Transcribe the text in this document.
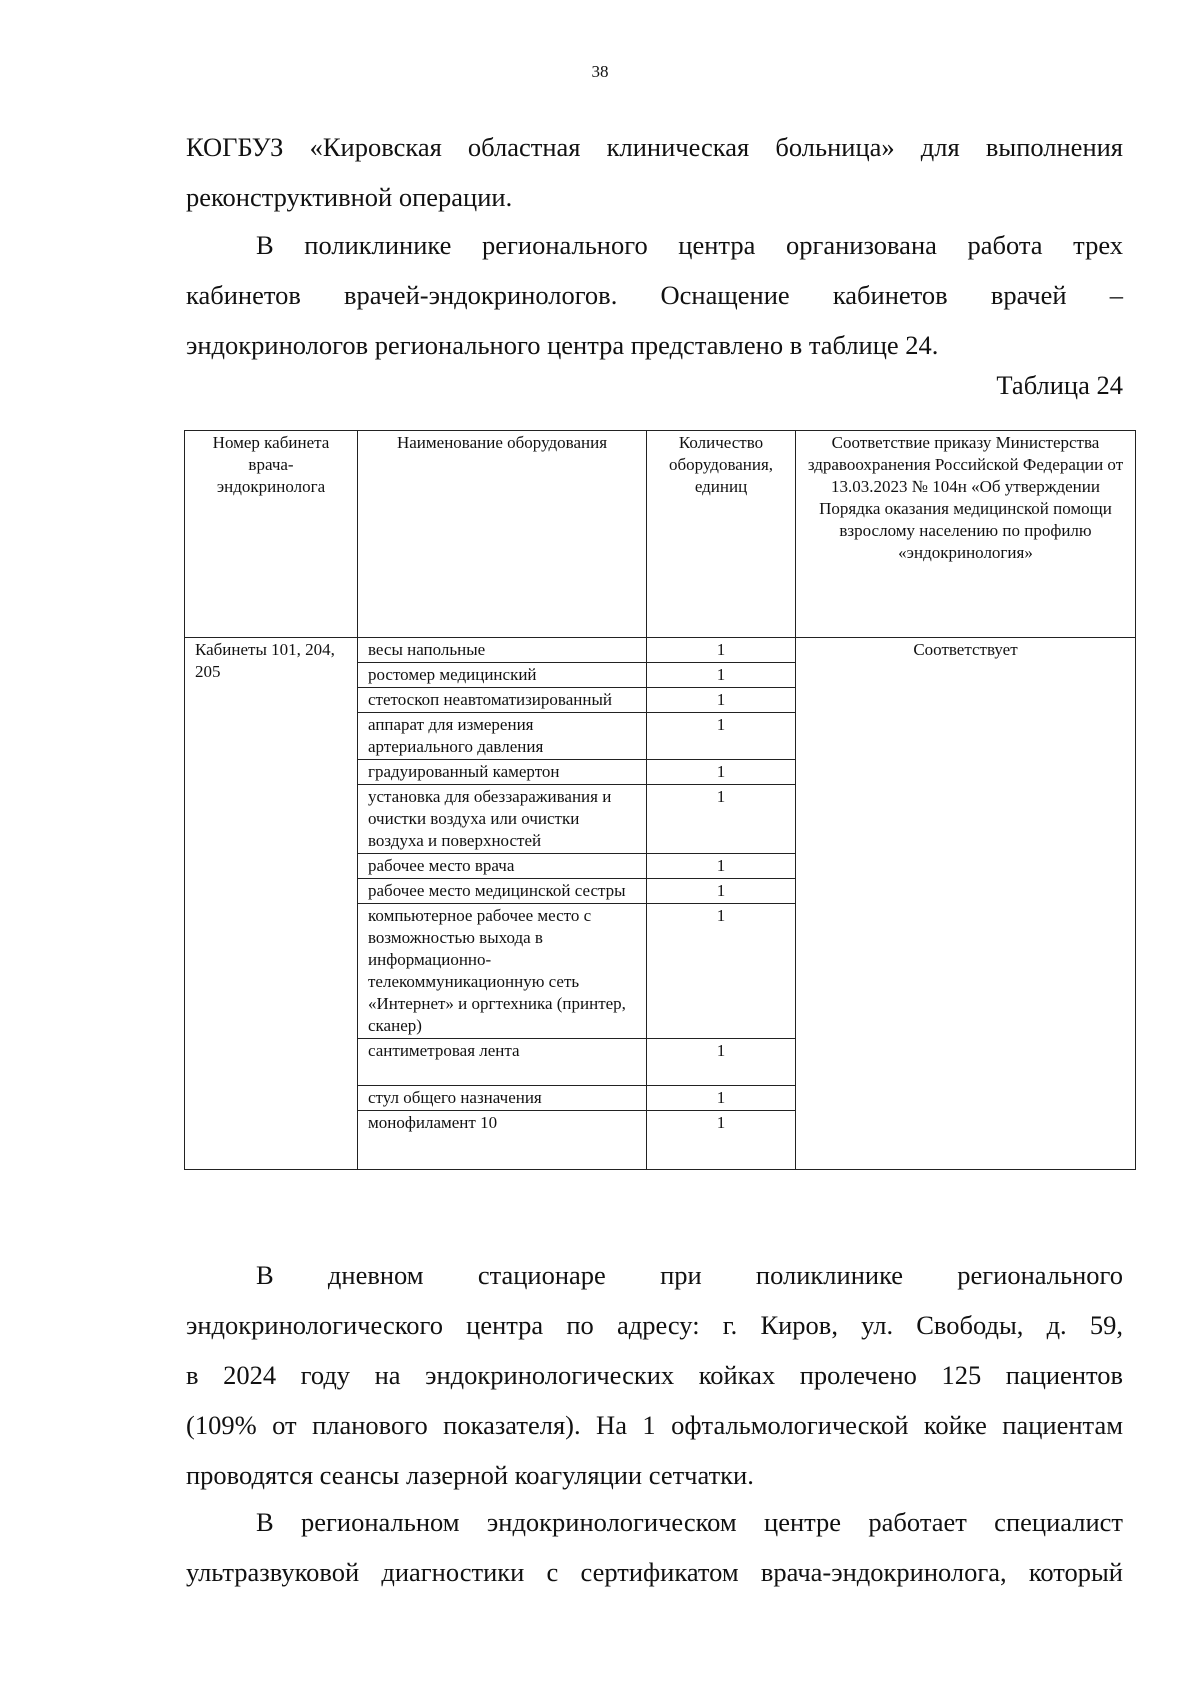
38
КОГБУЗ «Кировская областная клиническая больница» для выполнения
реконструктивной операции.
В поликлинике регионального центра организована работа трех
кабинетов врачей-эндокринологов. Оснащение кабинетов врачей –
эндокринологов регионального центра представлено в таблице 24.
Таблица 24
Номер кабинета врача-эндокринолога	Наименование оборудования	Количество оборудования, единиц	Соответствие приказу Министерства здравоохранения Российской Федерации от 13.03.2023 № 104н «Об утверждении Порядка оказания медицинской помощи взрослому населению по профилю «эндокринология»
Кабинеты 101, 204, 205	весы напольные	1	Соответствует
	ростомер медицинский	1	
	стетоскоп неавтоматизированный	1	
	аппарат для измерения артериального давления	1	
	градуированный камертон	1	
	установка для обеззараживания и очистки воздуха или очистки воздуха и поверхностей	1	
	рабочее место врача	1	
	рабочее место медицинской сестры	1	
	компьютерное рабочее место с возможностью выхода в информационно-телекоммуникационную сеть «Интернет» и оргтехника (принтер, сканер)	1	
	сантиметровая лента	1	
	стул общего назначения	1	
	монофиламент 10	1	
В дневном стационаре при поликлинике регионального
эндокринологического центра по адресу: г. Киров, ул. Свободы, д. 59,
в 2024 году на эндокринологических койках пролечено 125 пациентов
(109% от планового показателя). На 1 офтальмологической койке пациентам
проводятся сеансы лазерной коагуляции сетчатки.
В региональном эндокринологическом центре работает специалист
ультразвуковой диагностики с сертификатом врача-эндокринолога, который
